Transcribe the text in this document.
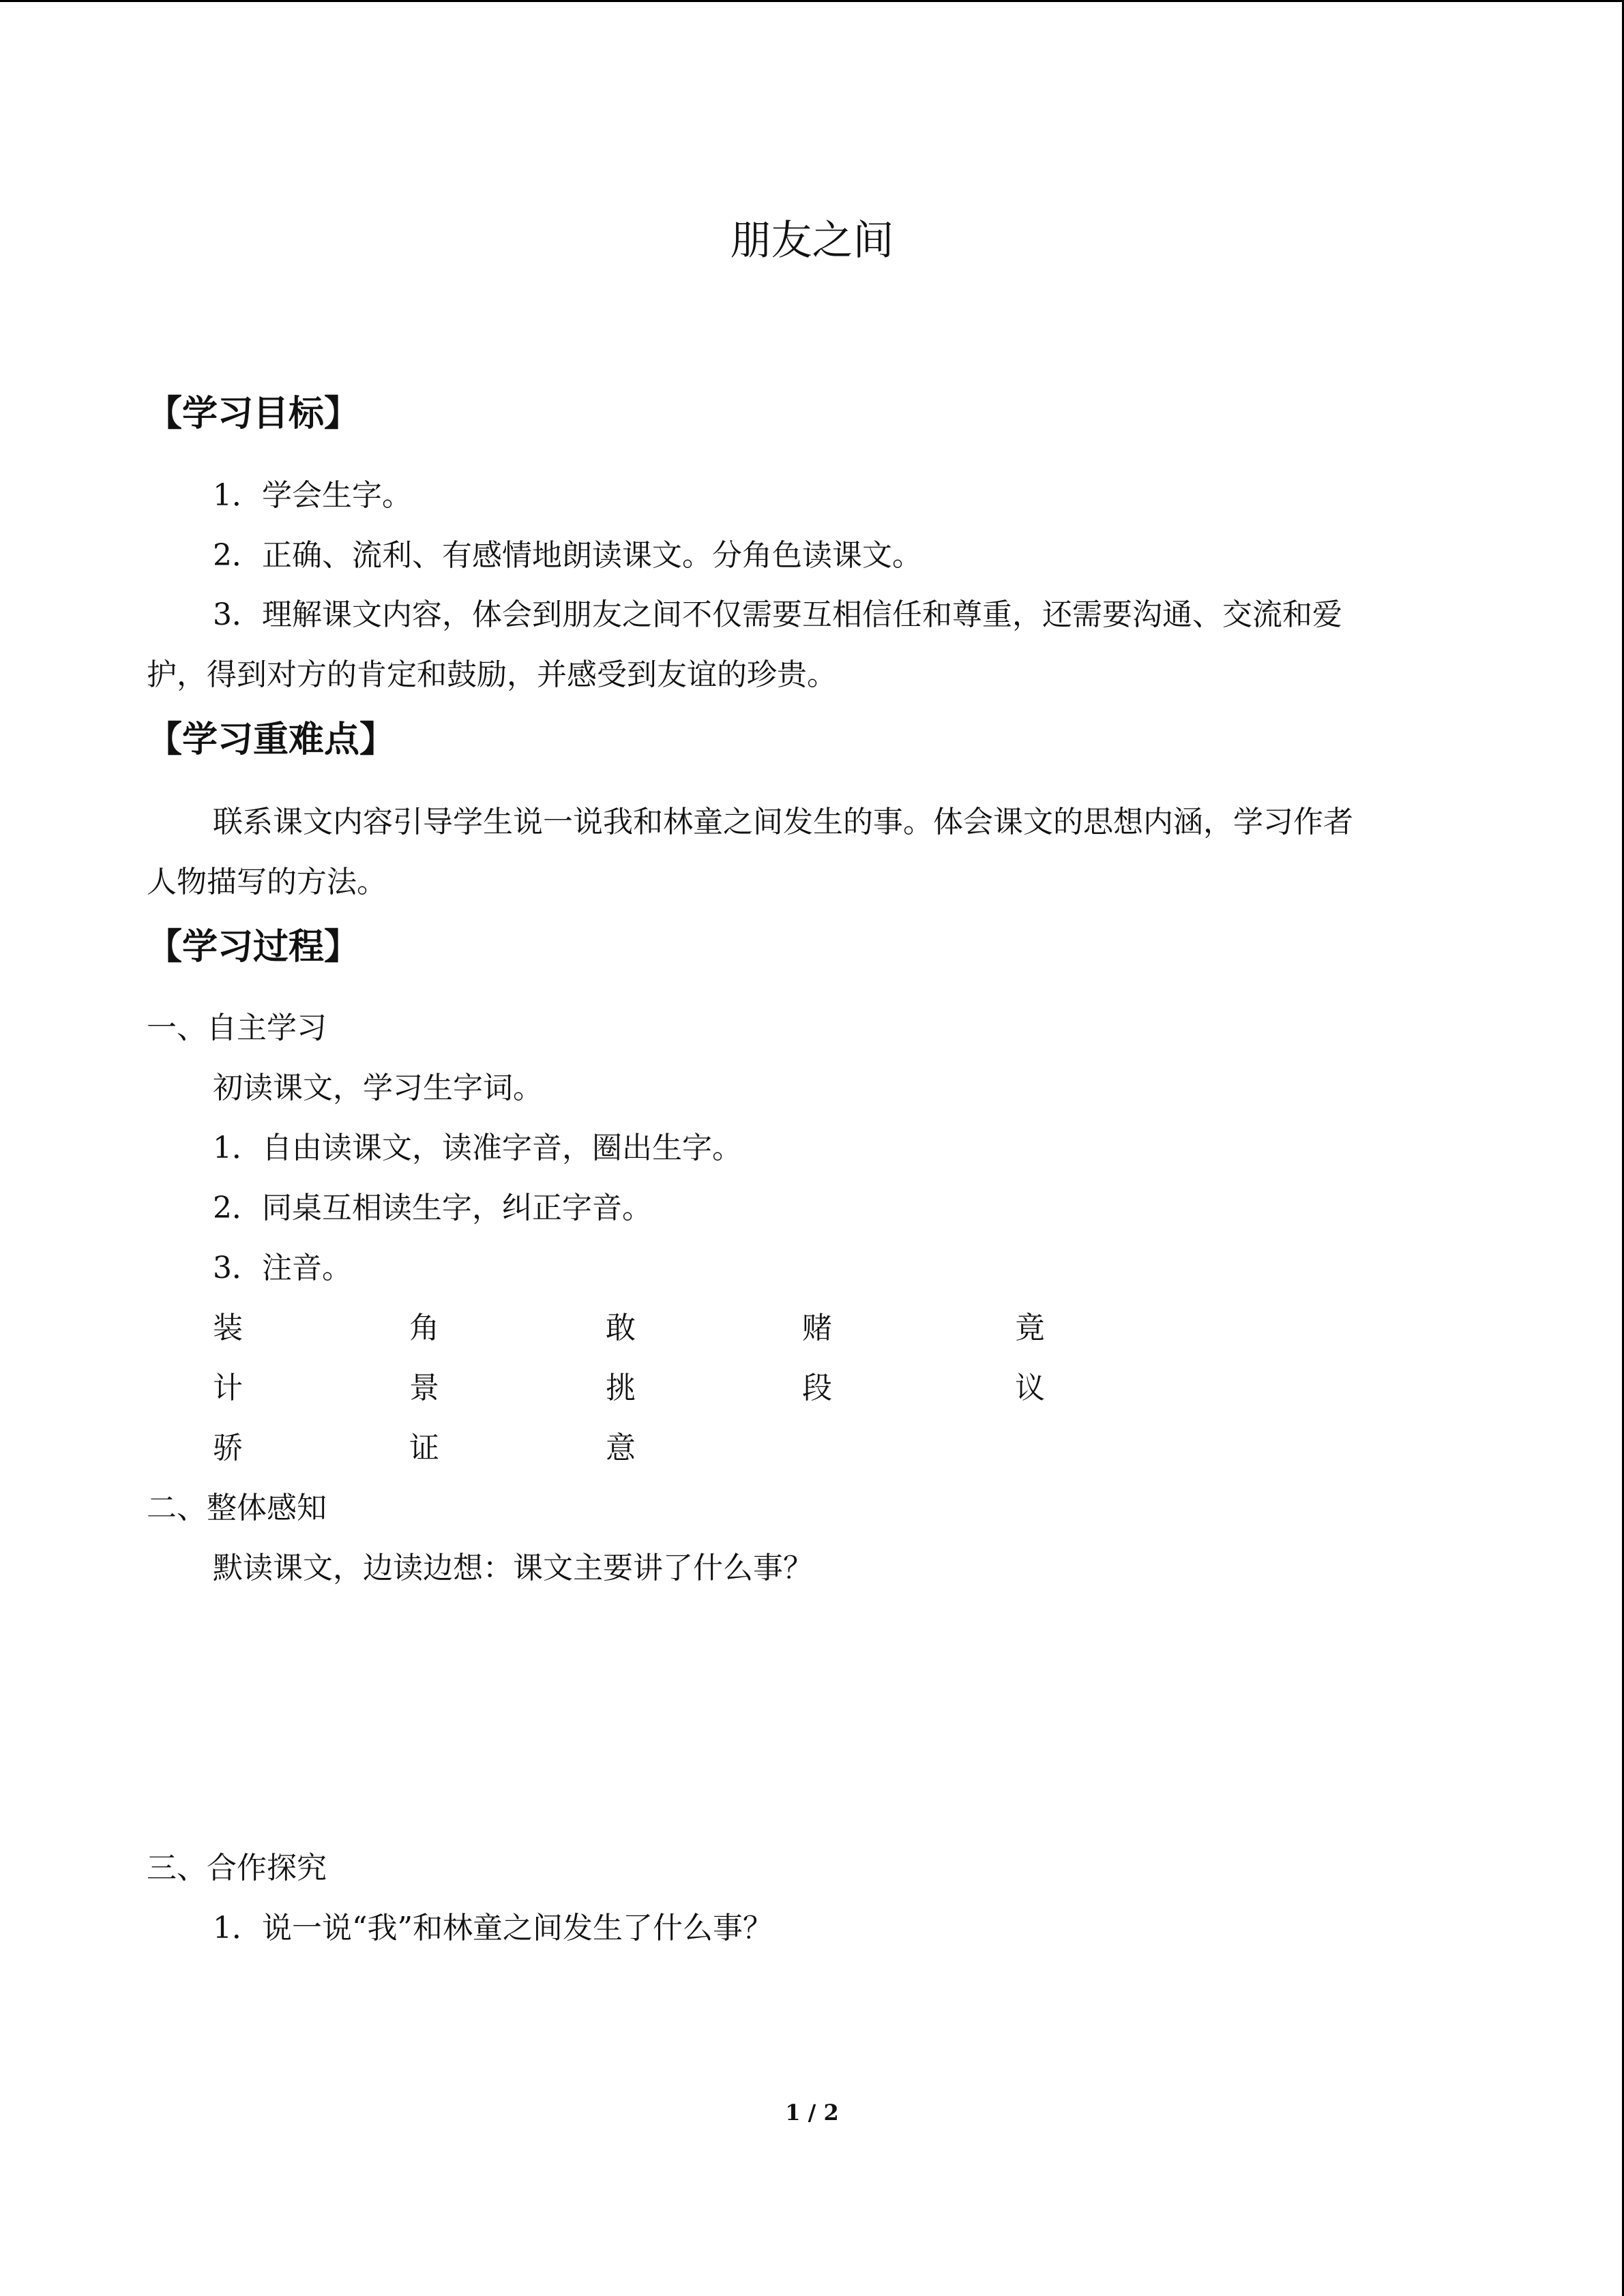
朋友之间
【学习目标】

1．学会生字。

2．正确、流利、有感情地朗读课文。分角色读课文。

3．理解课文内容，体会到朋友之间不仅需要互相信任和尊重，还需要沟通、交流和爱

护，得到对方的肯定和鼓励，并感受到友谊的珍贵。

【学习重难点】

联系课文内容引导学生说一说我和林童之间发生的事。体会课文的思想内涵，学习作者

人物描写的方法。

【学习过程】

一、自主学习

初读课文，学习生字词。

1．自由读课文，读准字音，圈出生字。

2．同桌互相读生字，纠正字音。

3．注音。

装	角	敢	赌	竟
计	景	挑	段	议
骄	证	意

二、整体感知

默读课文，边读边想：课文主要讲了什么事？

三、合作探究

1．说一说“我”和林童之间发生了什么事？

1 / 2
